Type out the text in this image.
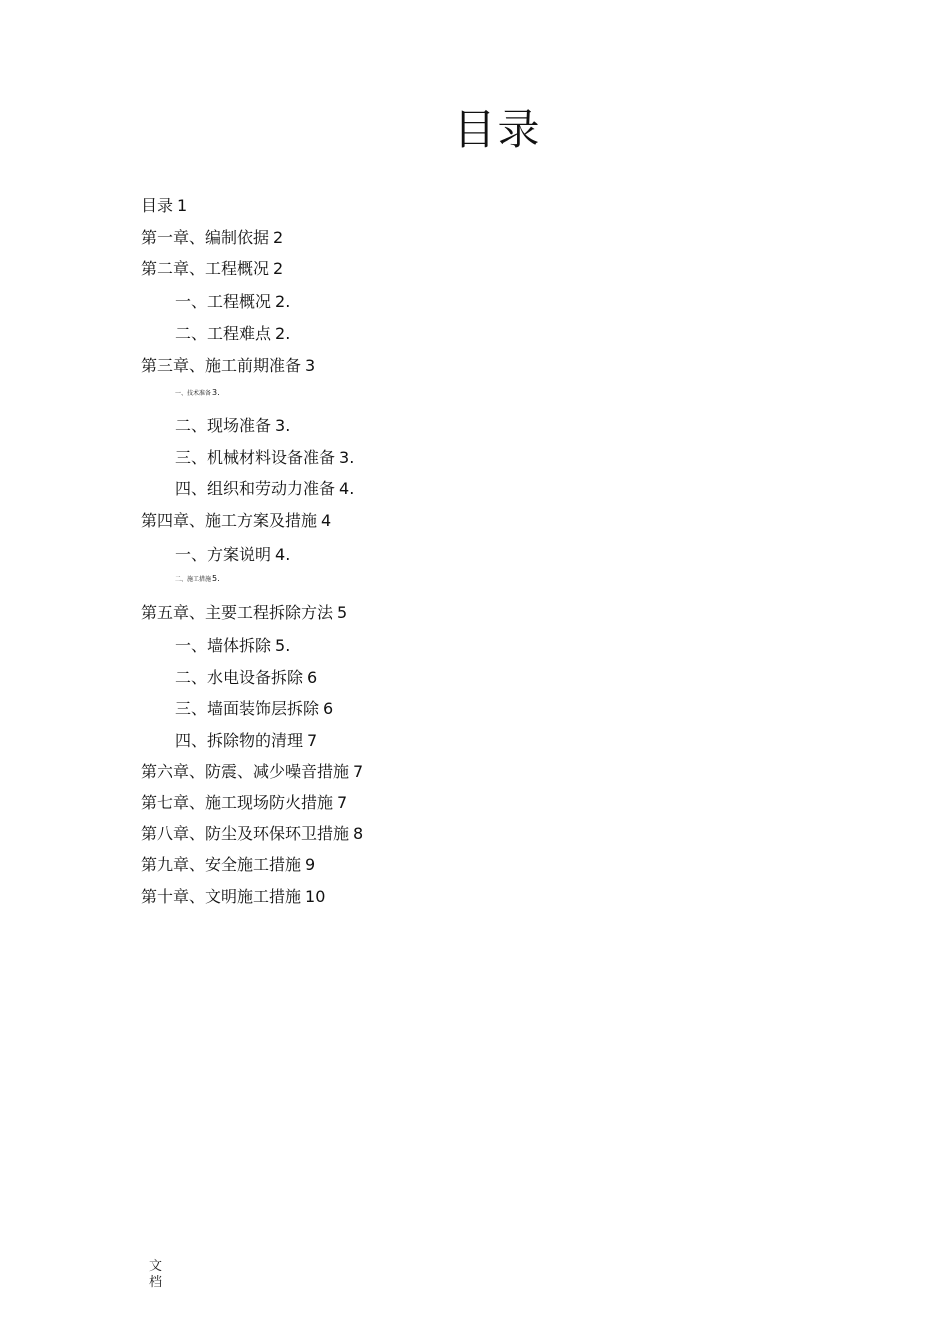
目录
目录 1
第一章、编制依据 2
第二章、工程概况 2
一、工程概况 2.
二、工程难点 2.
第三章、施工前期准备 3
一、技术准备3.
二、现场准备 3.
三、机械材料设备准备 3.
四、组织和劳动力准备 4.
第四章、施工方案及措施 4
一、方案说明 4.
二、施工措施5.
第五章、主要工程拆除方法 5
一、墙体拆除 5.
二、水电设备拆除 6
三、墙面装饰层拆除 6
四、拆除物的清理 7
第六章、防震、减少噪音措施 7
第七章、施工现场防火措施 7
第八章、防尘及环保环卫措施 8
第九章、安全施工措施 9
第十章、文明施工措施 10
文档
